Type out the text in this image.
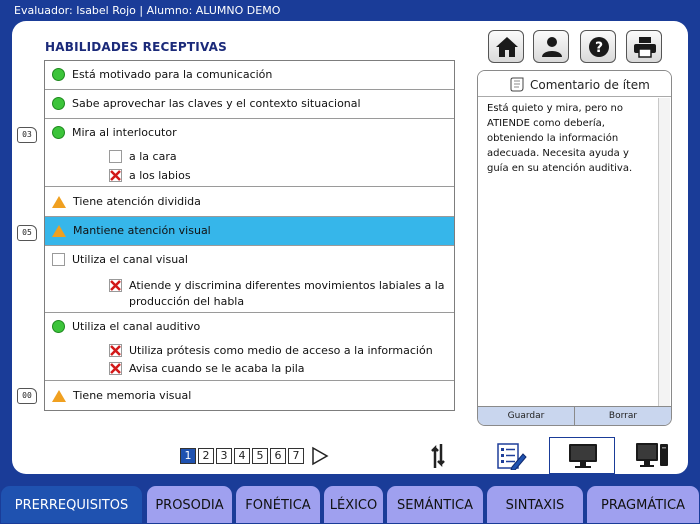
Evaluador: Isabel Rojo | Alumno: ALUMNO DEMO
HABILIDADES RECEPTIVAS	?
Está motivado para la comunicación
Sabe aprovechar las claves y el contexto situacional
Mira al interlocutor
a la cara
a los labios
Tiene atención dividida
Mantiene atención visual
Utiliza el canal visual
Atiende y discrimina diferentes movimientos labiales a la
producción del habla
Utiliza el canal auditivo
Utiliza prótesis como medio de acceso a la información
Avisa cuando se le acaba la pila
Tiene memoria visual
03
05
00
Comentario de ítem
Está quieto y mira, pero no ATIENDE como debería, obteniendo la información adecuada. Necesita ayuda y guía en su atención auditiva.
Guardar	Borrar
1	2	3	4	5	6	7
PRERREQUISITOS	PROSODIA	FONÉTICA	LÉXICO	SEMÁNTICA	SINTAXIS	PRAGMÁTICA
